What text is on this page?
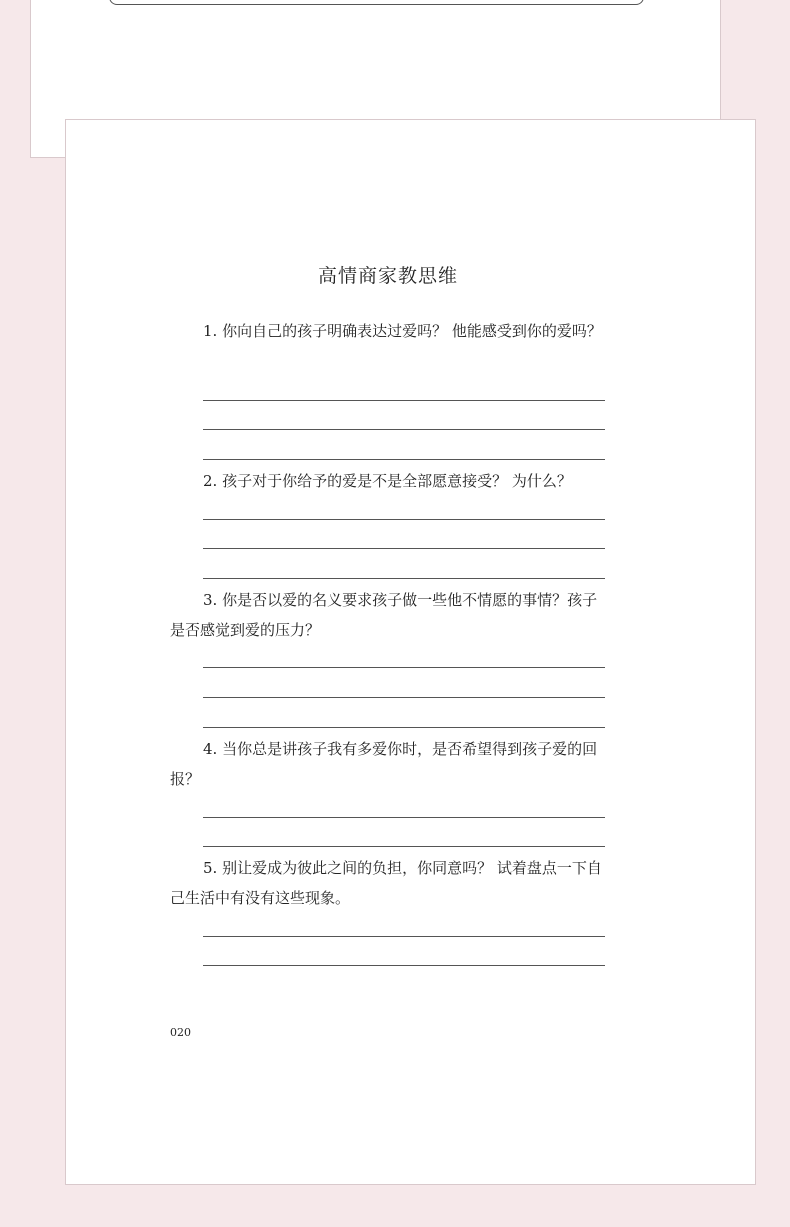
高情商家教思维

1. 你向自己的孩子明确表达过爱吗？ 他能感受到你的爱吗？

2. 孩子对于你给予的爱是不是全部愿意接受？ 为什么？

3. 你是否以爱的名义要求孩子做一些他不情愿的事情？孩子是否感觉到爱的压力？

4. 当你总是讲孩子我有多爱你时，是否希望得到孩子爱的回报？

5. 别让爱成为彼此之间的负担，你同意吗？ 试着盘点一下自己生活中有没有这些现象。

020
